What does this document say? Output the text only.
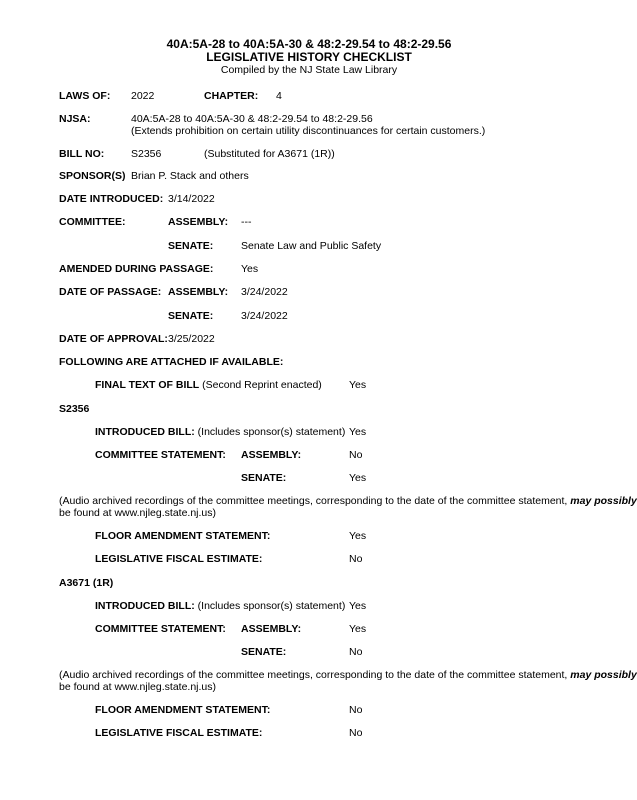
40A:5A-28 to 40A:5A-30 & 48:2-29.54 to 48:2-29.56
LEGISLATIVE HISTORY CHECKLIST
Compiled by the NJ State Law Library
LAWS OF: 2022	CHAPTER: 4
NJSA:	40A:5A-28 to 40A:5A-30 & 48:2-29.54 to 48:2-29.56
(Extends prohibition on certain utility discontinuances for certain customers.)
BILL NO:	S2356	(Substituted for A3671 (1R))
SPONSOR(S) Brian P. Stack and others
DATE INTRODUCED: 3/14/2022
COMMITTEE:	ASSEMBLY: ---
SENATE:	Senate Law and Public Safety
AMENDED DURING PASSAGE:	Yes
DATE OF PASSAGE: ASSEMBLY: 3/24/2022
SENATE:	3/24/2022
DATE OF APPROVAL: 3/25/2022
FOLLOWING ARE ATTACHED IF AVAILABLE:
FINAL TEXT OF BILL (Second Reprint enacted)	Yes
S2356
INTRODUCED BILL: (Includes sponsor(s) statement) Yes
COMMITTEE STATEMENT: ASSEMBLY:	No
SENATE:	Yes
(Audio archived recordings of the committee meetings, corresponding to the date of the committee statement, may possibly
be found at www.njleg.state.nj.us)
FLOOR AMENDMENT STATEMENT:	Yes
LEGISLATIVE FISCAL ESTIMATE:	No
A3671 (1R)
INTRODUCED BILL: (Includes sponsor(s) statement) Yes
COMMITTEE STATEMENT: ASSEMBLY:	Yes
SENATE:	No
(Audio archived recordings of the committee meetings, corresponding to the date of the committee statement, may possibly
be found at www.njleg.state.nj.us)
FLOOR AMENDMENT STATEMENT:	No
LEGISLATIVE FISCAL ESTIMATE:	No
